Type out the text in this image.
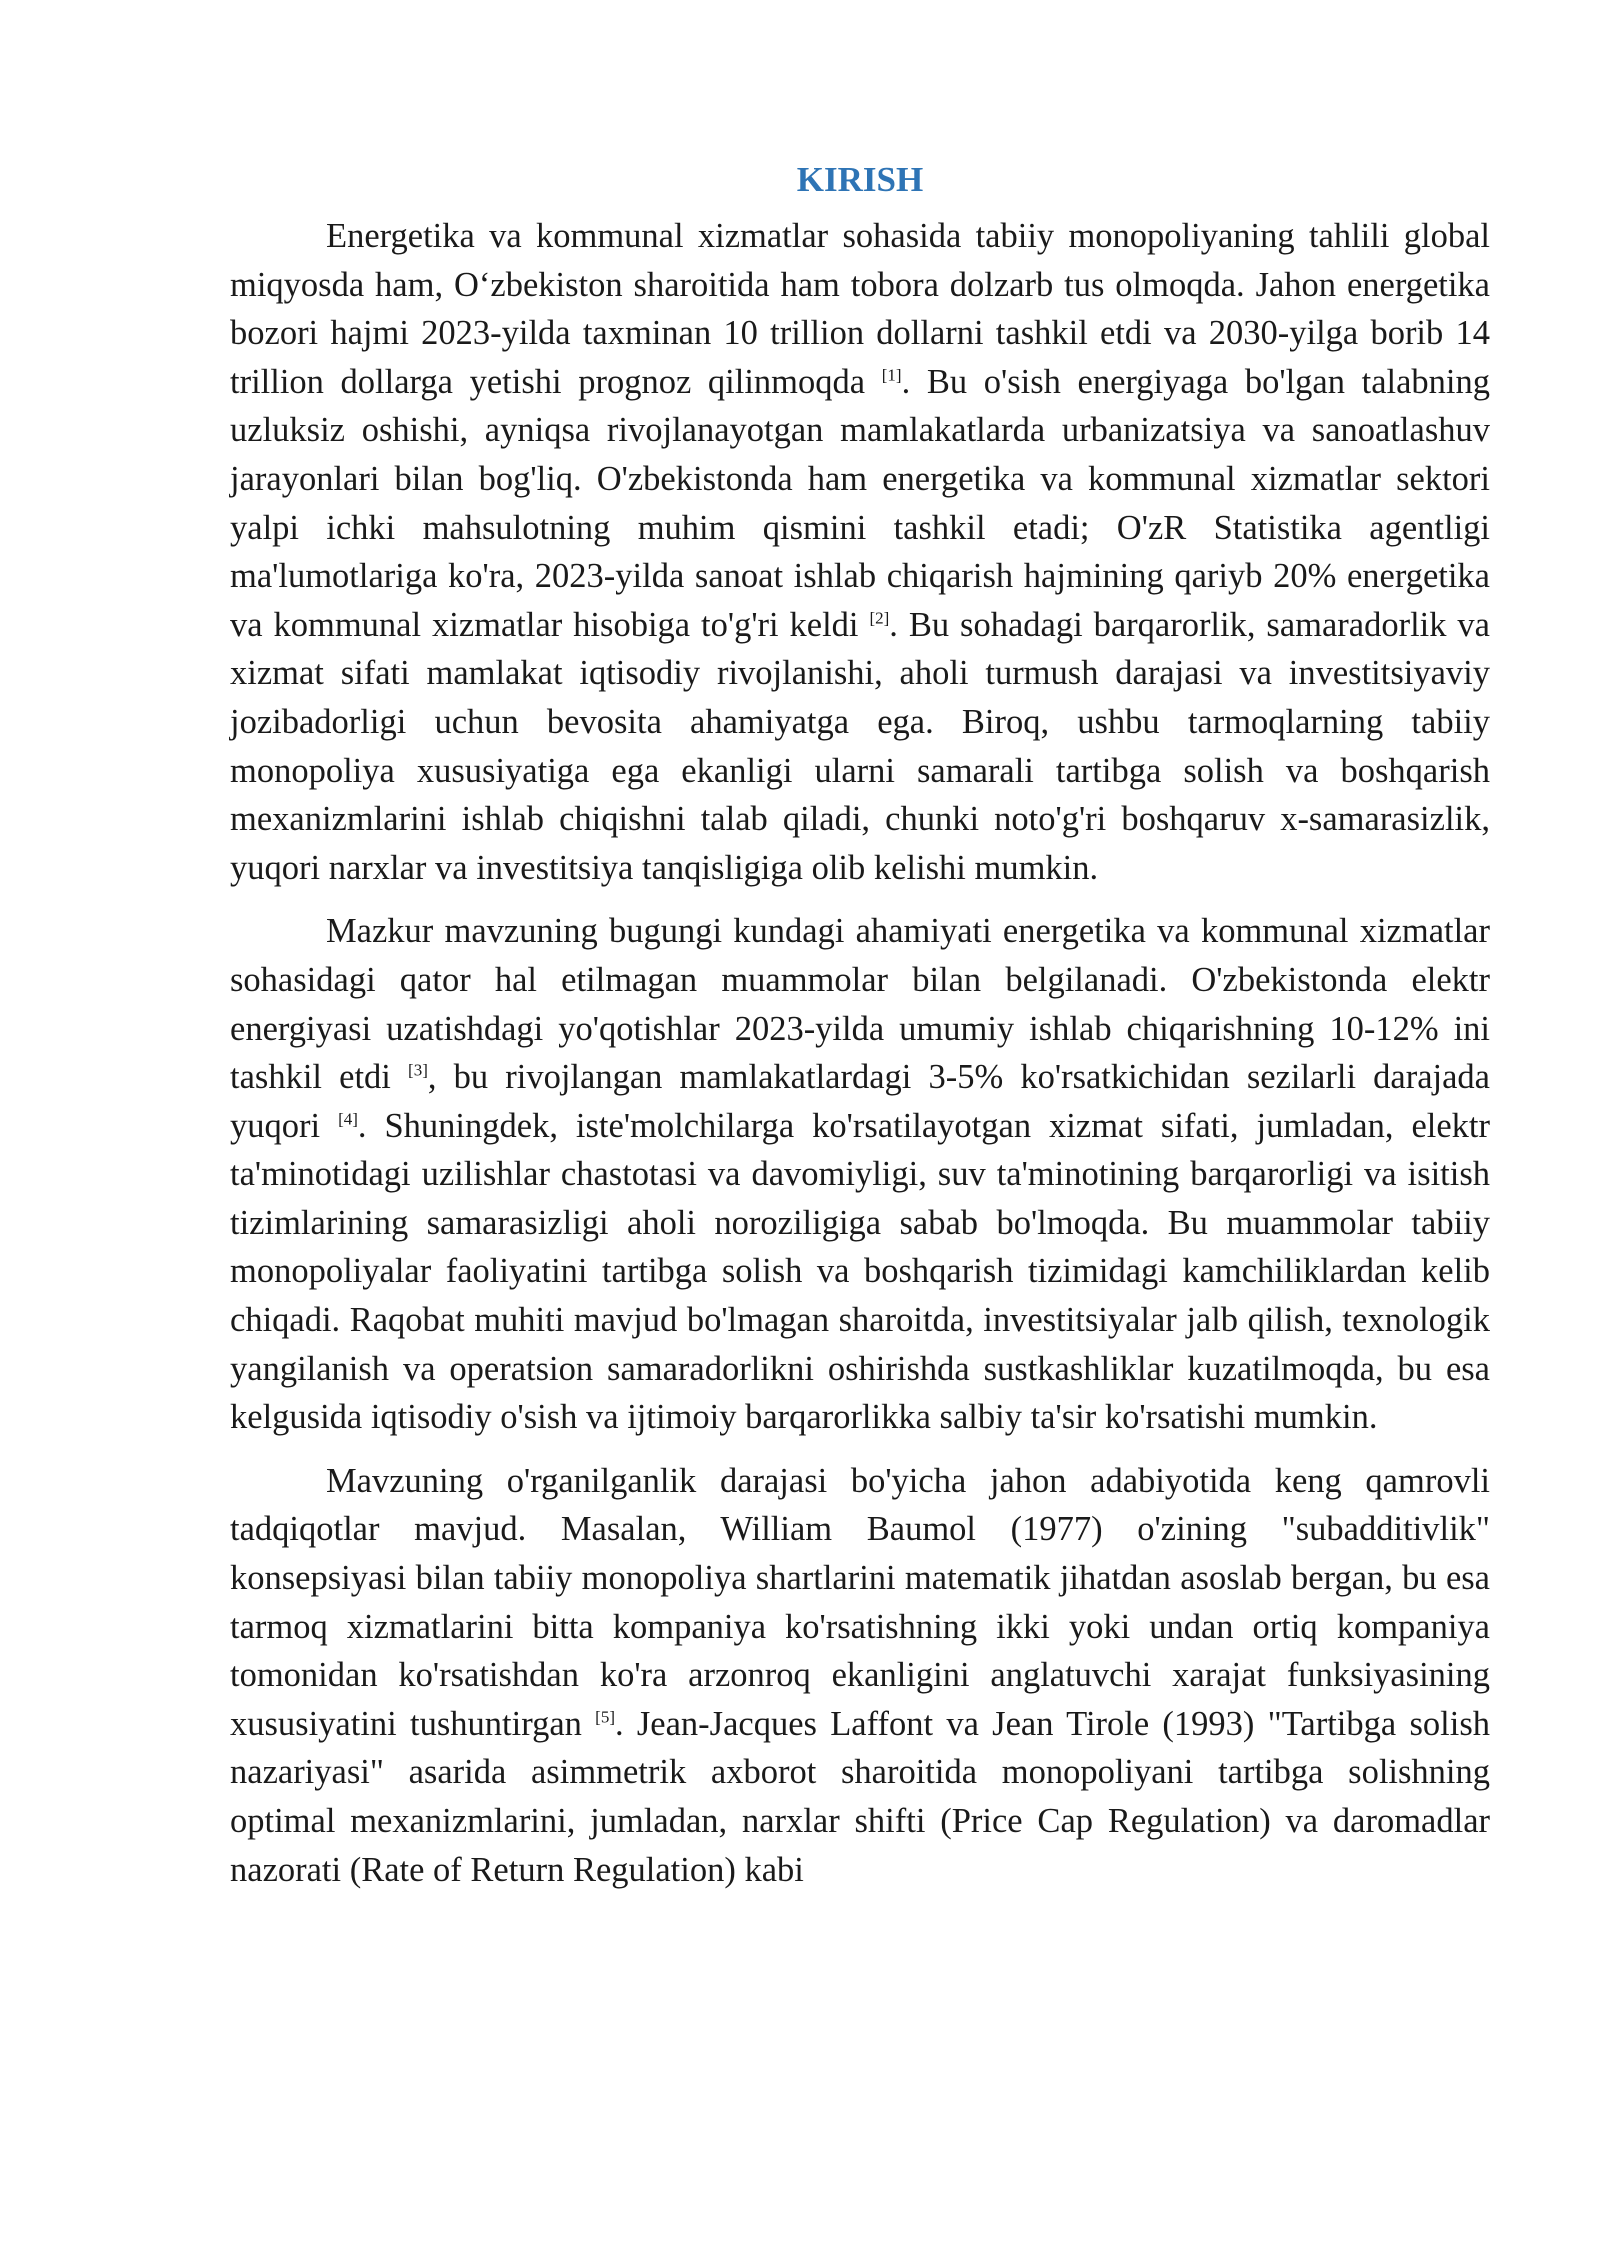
KIRISH

Energetika va kommunal xizmatlar sohasida tabiiy monopoliyaning tahlili global miqyosda ham, O‘zbekiston sharoitida ham tobora dolzarb tus olmoqda. Jahon energetika bozori hajmi 2023-yilda taxminan 10 trillion dollarni tashkil etdi va 2030-yilga borib 14 trillion dollarga yetishi prognoz qilinmoqda [1]. Bu o'sish energiyaga bo'lgan talabning uzluksiz oshishi, ayniqsa rivojlanayotgan mamlakatlarda urbanizatsiya va sanoatlashuv jarayonlari bilan bog'liq. O'zbekistonda ham energetika va kommunal xizmatlar sektori yalpi ichki mahsulotning muhim qismini tashkil etadi; O'zR Statistika agentligi ma'lumotlariga ko'ra, 2023-yilda sanoat ishlab chiqarish hajmining qariyb 20% energetika va kommunal xizmatlar hisobiga to'g'ri keldi [2]. Bu sohadagi barqarorlik, samaradorlik va xizmat sifati mamlakat iqtisodiy rivojlanishi, aholi turmush darajasi va investitsiyaviy jozibadorligi uchun bevosita ahamiyatga ega. Biroq, ushbu tarmoqlarning tabiiy monopoliya xususiyatiga ega ekanligi ularni samarali tartibga solish va boshqarish mexanizmlarini ishlab chiqishni talab qiladi, chunki noto'g'ri boshqaruv x-samarasizlik, yuqori narxlar va investitsiya tanqisligiga olib kelishi mumkin.

Mazkur mavzuning bugungi kundagi ahamiyati energetika va kommunal xizmatlar sohasidagi qator hal etilmagan muammolar bilan belgilanadi. O'zbekistonda elektr energiyasi uzatishdagi yo'qotishlar 2023-yilda umumiy ishlab chiqarishning 10-12% ini tashkil etdi [3], bu rivojlangan mamlakatlardagi 3-5% ko'rsatkichidan sezilarli darajada yuqori [4]. Shuningdek, iste'molchilarga ko'rsatilayotgan xizmat sifati, jumladan, elektr ta'minotidagi uzilishlar chastotasi va davomiyligi, suv ta'minotining barqarorligi va isitish tizimlarining samarasizligi aholi noroziligiga sabab bo'lmoqda. Bu muammolar tabiiy monopoliyalar faoliyatini tartibga solish va boshqarish tizimidagi kamchiliklardan kelib chiqadi. Raqobat muhiti mavjud bo'lmagan sharoitda, investitsiyalar jalb qilish, texnologik yangilanish va operatsion samaradorlikni oshirishda sustkashliklar kuzatilmoqda, bu esa kelgusida iqtisodiy o'sish va ijtimoiy barqarorlikka salbiy ta'sir ko'rsatishi mumkin.

Mavzuning o'rganilganlik darajasi bo'yicha jahon adabiyotida keng qamrovli tadqiqotlar mavjud. Masalan, William Baumol (1977) o'zining "subadditivlik" konsepsiyasi bilan tabiiy monopoliya shartlarini matematik jihatdan asoslab bergan, bu esa tarmoq xizmatlarini bitta kompaniya ko'rsatishning ikki yoki undan ortiq kompaniya tomonidan ko'rsatishdan ko'ra arzonroq ekanligini anglatuvchi xarajat funksiyasining xususiyatini tushuntirgan [5]. Jean-Jacques Laffont va Jean Tirole (1993) "Tartibga solish nazariyasi" asarida asimmetrik axborot sharoitida monopoliyani tartibga solishning optimal mexanizmlarini, jumladan, narxlar shifti (Price Cap Regulation) va daromadlar nazorati (Rate of Return Regulation) kabi
